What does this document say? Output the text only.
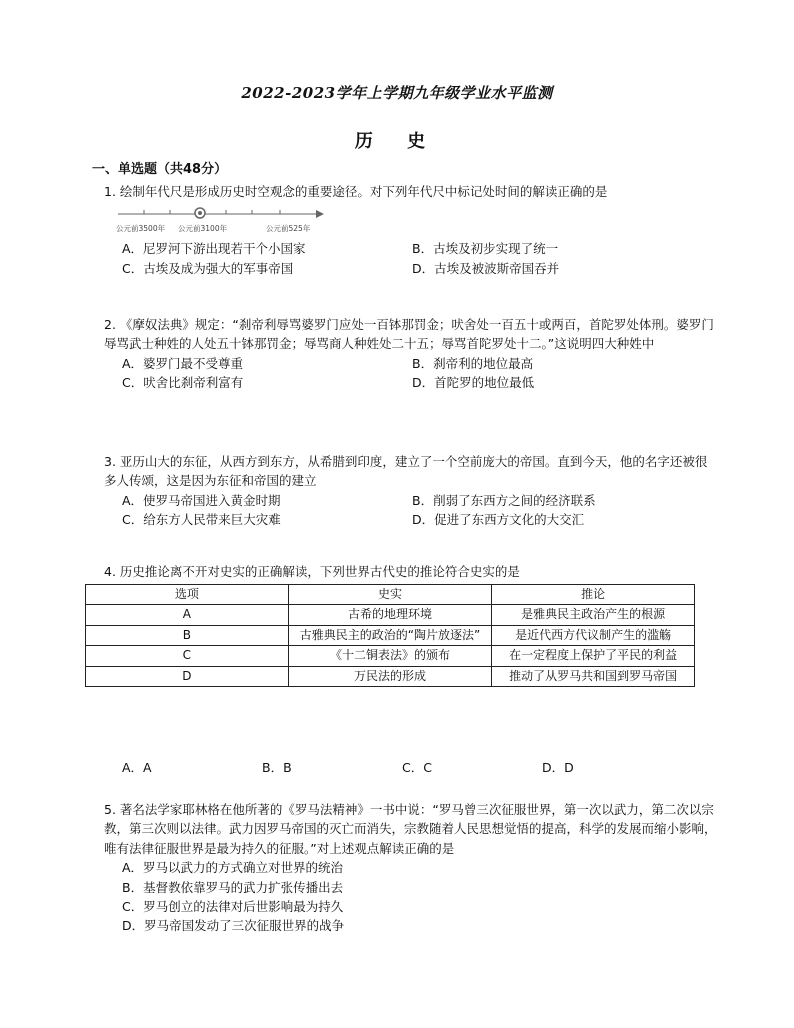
2022-2023学年上学期九年级学业水平监测
历 史
一、单选题（共48分）

1. 绘制年代尺是形成历史时空观念的重要途径。对下列年代尺中标记处时间的解读正确的是

公元前3500年 公元前3100年	公元前525年
A．尼罗河下游出现若干个小国家	B．古埃及初步实现了统一
C．古埃及成为强大的军事帝国	D．古埃及被波斯帝国吞并

2. 《摩奴法典》规定：“刹帝利辱骂婆罗门应处一百钵那罚金；吠舍处一百五十或两百，首陀罗处体刑。婆罗门辱骂武士种姓的人处五十钵那罚金；辱骂商人种姓处二十五；辱骂首陀罗处十二。”这说明四大种姓中

A．婆罗门最不受尊重	B．刹帝利的地位最高
C．吠舍比刹帝利富有	D．首陀罗的地位最低

3. 亚历山大的东征，从西方到东方，从希腊到印度，建立了一个空前庞大的帝国。直到今天，他的名字还被很多人传颂，这是因为东征和帝国的建立

A．使罗马帝国进入黄金时期	B．削弱了东西方之间的经济联系
C．给东方人民带来巨大灾难	D．促进了东西方文化的大交汇

4. 历史推论离不开对史实的正确解读，下列世界古代史的推论符合史实的是

选项	史实	推论
A	古希的地理环境	是雅典民主政治产生的根源
B	古雅典民主的政治的“陶片放逐法”	是近代西方代议制产生的滥觞
C	《十二铜表法》的颁布	在一定程度上保护了平民的利益
D	万民法的形成	推动了从罗马共和国到罗马帝国
A．A	B．B	C．C	D．D

5. 著名法学家耶林格在他所著的《罗马法精神》一书中说：“罗马曾三次征服世界，第一次以武力，第二次以宗教，第三次则以法律。武力因罗马帝国的灭亡而消失，宗教随着人民思想觉悟的提高，科学的发展而缩小影响，唯有法律征服世界是最为持久的征服。”对上述观点解读正确的是

A．罗马以武力的方式确立对世界的统治
B．基督教依靠罗马的武力扩张传播出去
C．罗马创立的法律对后世影响最为持久
D．罗马帝国发动了三次征服世界的战争
